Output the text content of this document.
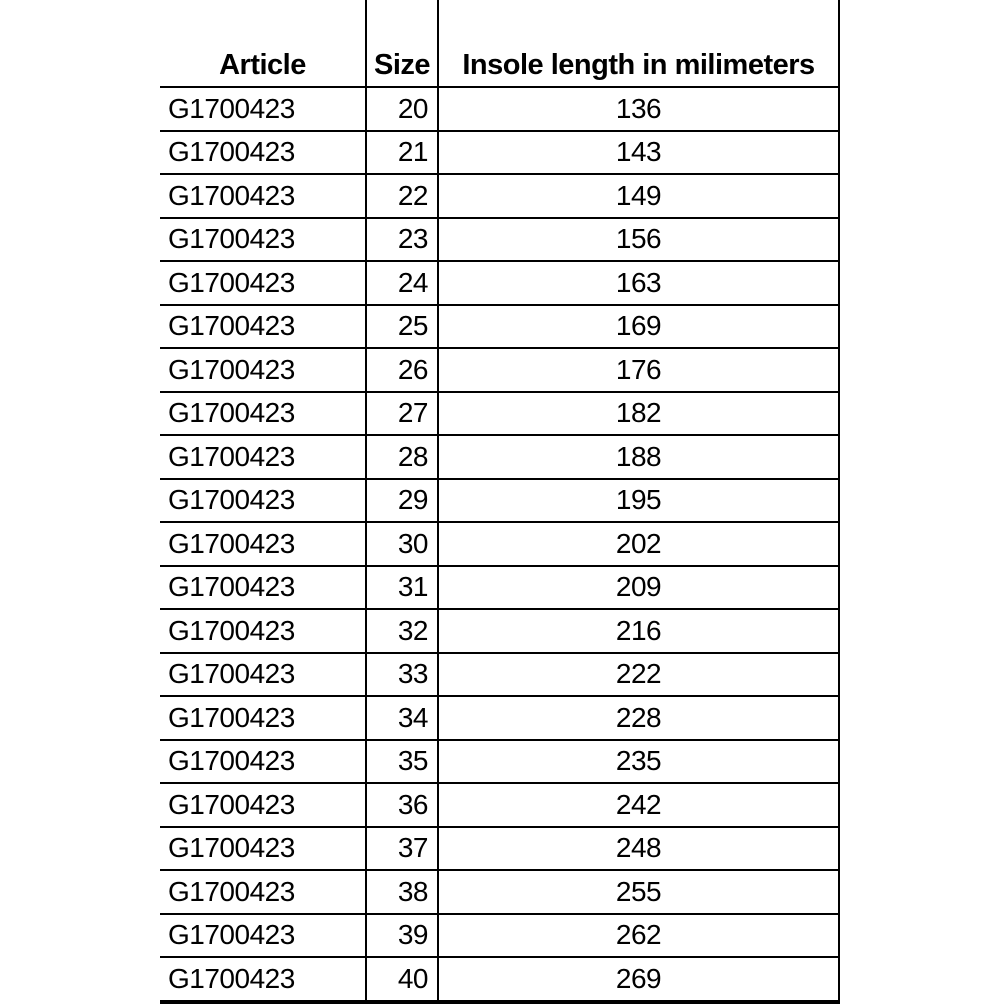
Article	Size	Insole length in milimeters
G1700423	20	136
G1700423	21	143
G1700423	22	149
G1700423	23	156
G1700423	24	163
G1700423	25	169
G1700423	26	176
G1700423	27	182
G1700423	28	188
G1700423	29	195
G1700423	30	202
G1700423	31	209
G1700423	32	216
G1700423	33	222
G1700423	34	228
G1700423	35	235
G1700423	36	242
G1700423	37	248
G1700423	38	255
G1700423	39	262
G1700423	40	269
